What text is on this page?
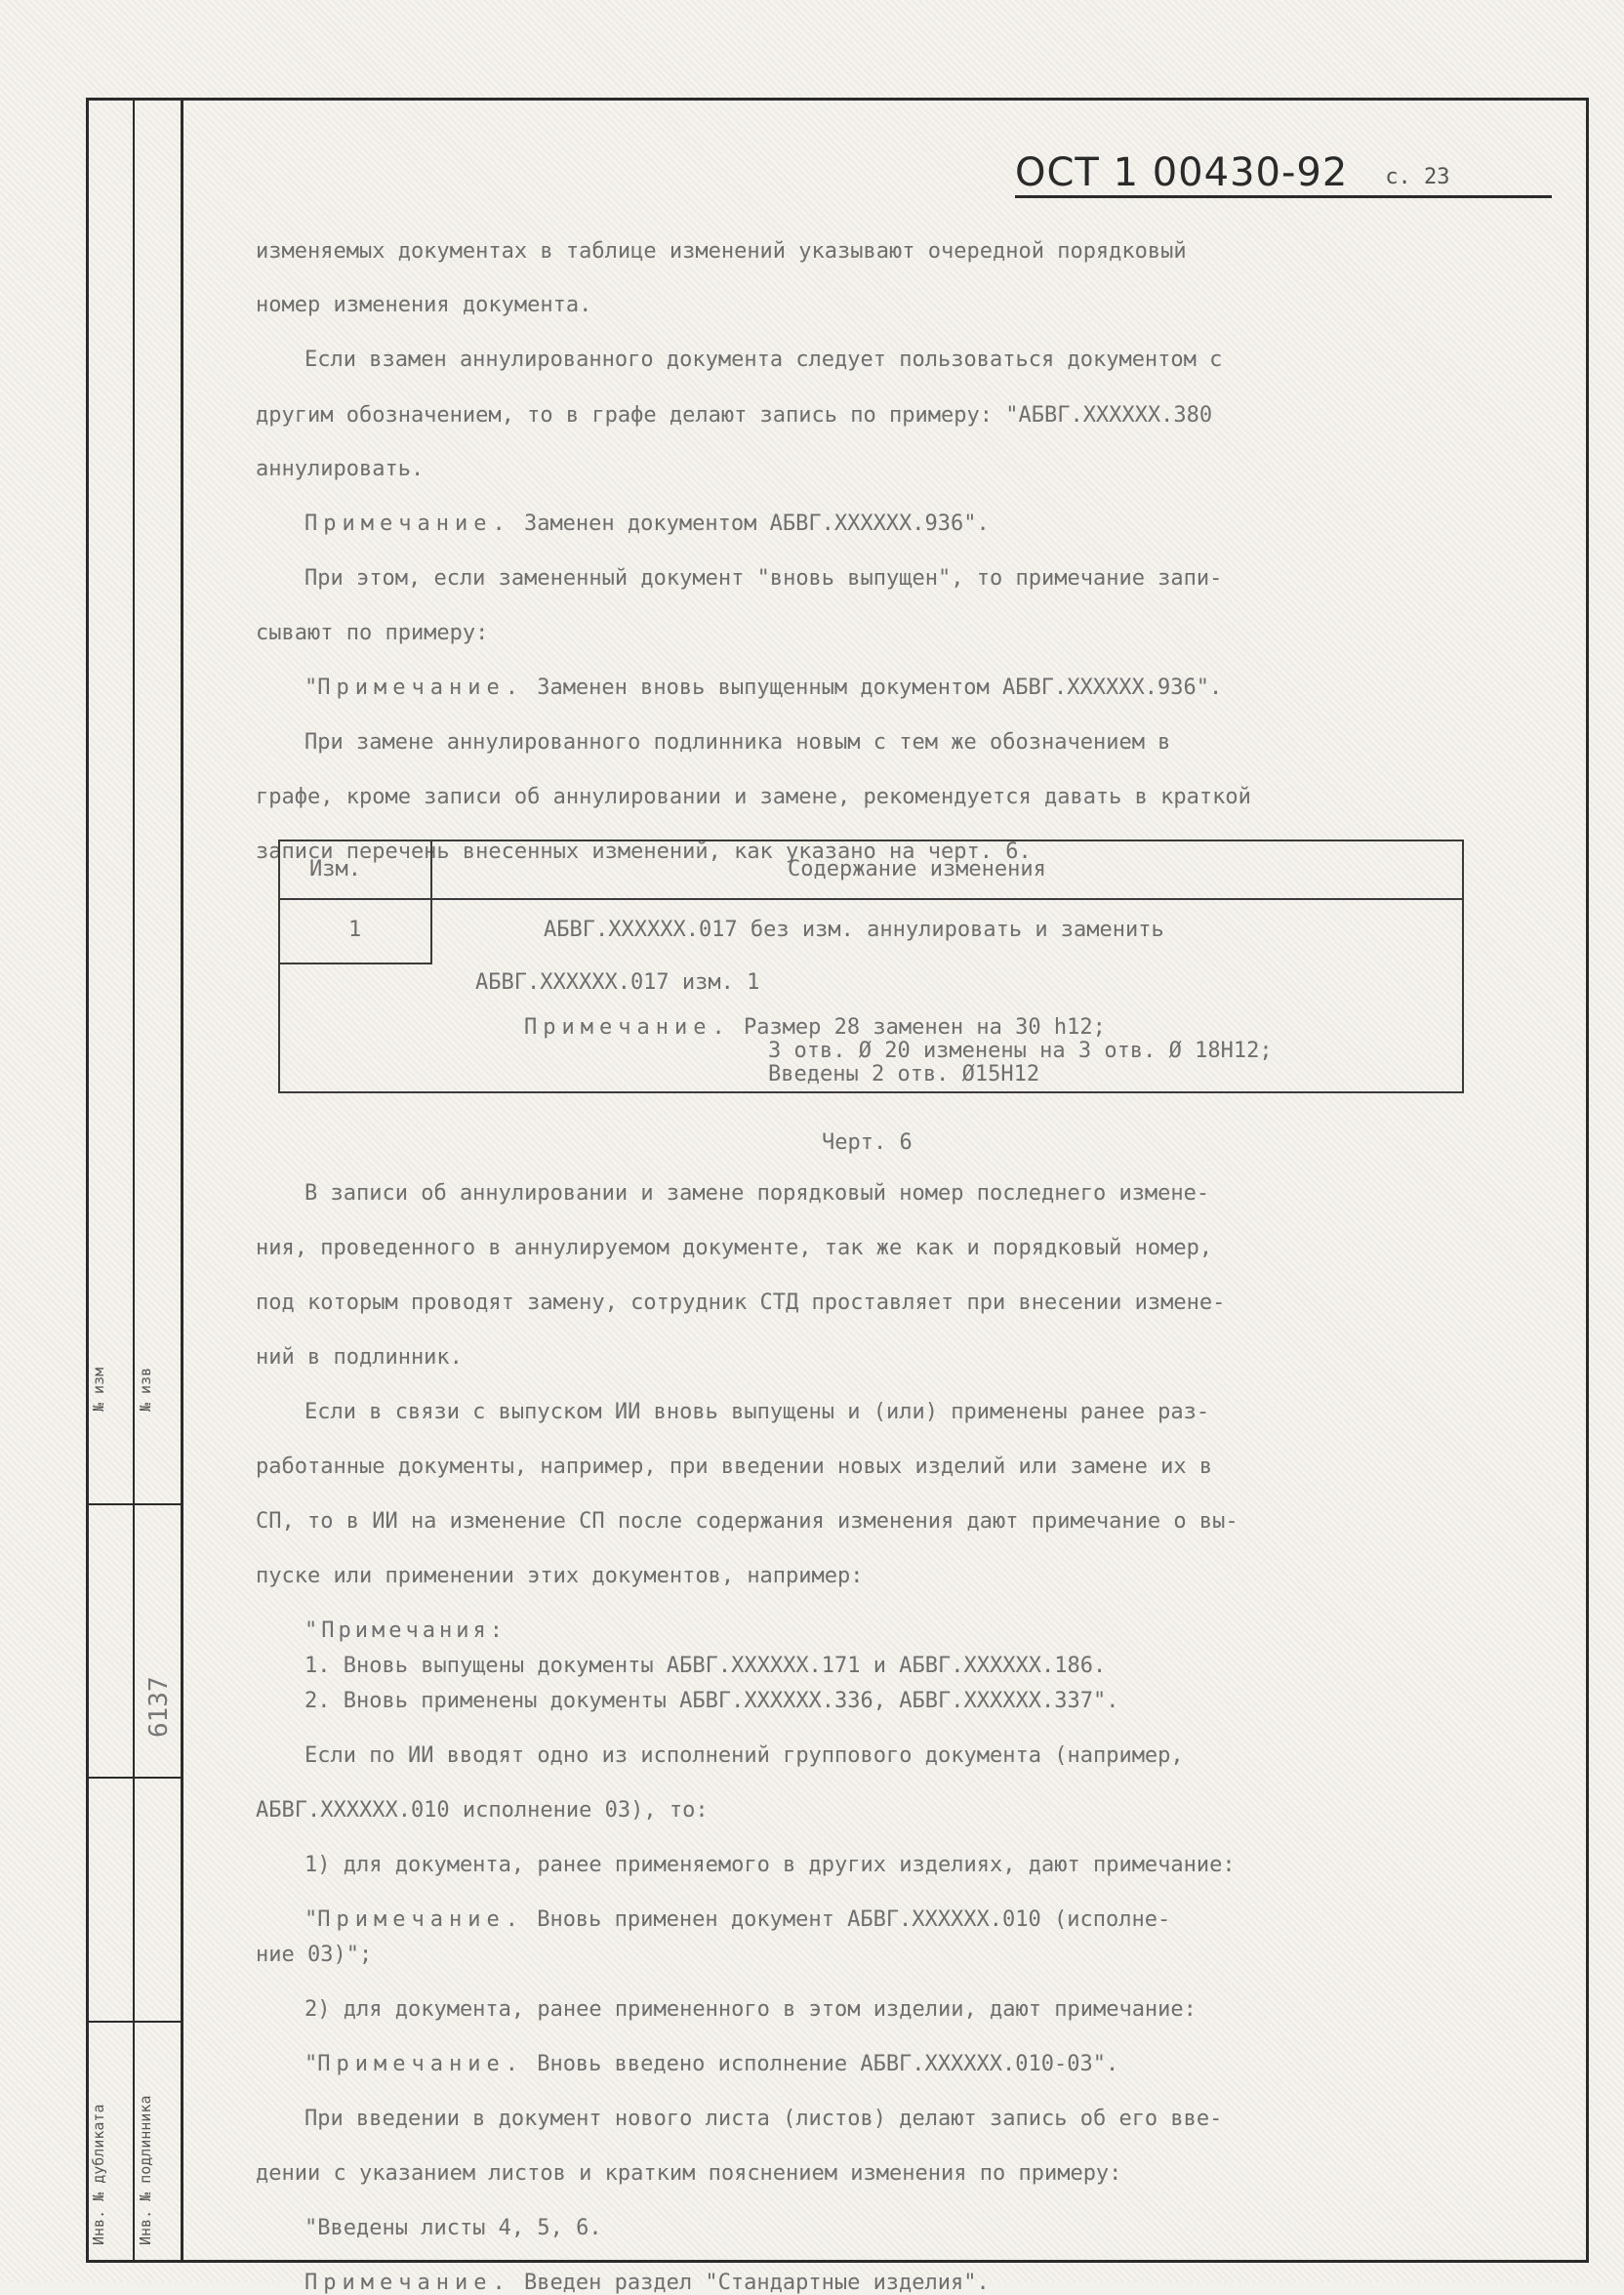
№ изм № изв
Инв. № дубликата Инв. № подлинника
6137
ОСТ 1 00430-92 с. 23
изменяемых документах в таблице изменений указывают очередной порядковый
номер изменения документа.
Если взамен аннулированного документа следует пользоваться документом с
другим обозначением, то в графе делают запись по примеру: "АБВГ.XXXXXX.380
аннулировать.
Примечание. Заменен документом АБВГ.XXXXXX.936".
При этом, если замененный документ "вновь выпущен", то примечание запи-
сывают по примеру:
"Примечание. Заменен вновь выпущенным документом АБВГ.XXXXXX.936".
При замене аннулированного подлинника новым с тем же обозначением в
графе, кроме записи об аннулировании и замене, рекомендуется давать в краткой
записи перечень внесенных изменений, как указано на черт. 6.
Черт. 6
В записи об аннулировании и замене порядковый номер последнего измене-
ния, проведенного в аннулируемом документе, так же как и порядковый номер,
под которым проводят замену, сотрудник СТД проставляет при внесении измене-
ний в подлинник.
Если в связи с выпуском ИИ вновь выпущены и (или) применены ранее раз-
работанные документы, например, при введении новых изделий или замене их в
СП, то в ИИ на изменение СП после содержания изменения дают примечание о вы-
пуске или применении этих документов, например:
"Примечания:
1. Вновь выпущены документы АБВГ.XXXXXX.171 и АБВГ.XXXXXX.186.
2. Вновь применены документы АБВГ.XXXXXX.336, АБВГ.XXXXXX.337".
Если по ИИ вводят одно из исполнений группового документа (например,
АБВГ.XXXXXX.010 исполнение 03), то:
1) для документа, ранее применяемого в других изделиях, дают примечание:
"Примечание. Вновь применен документ АБВГ.XXXXXX.010 (исполне-
ние 03)";
2) для документа, ранее примененного в этом изделии, дают примечание:
"Примечание. Вновь введено исполнение АБВГ.XXXXXX.010-03".
При введении в документ нового листа (листов) делают запись об его вве-
дении с указанием листов и кратким пояснением изменения по примеру:
"Введены листы 4, 5, 6.
Примечание. Введен раздел "Стандартные изделия".
Изм.	Содержание изменения
1	АБВГ.XXXXXX.017 без изм. аннулировать и заменить
АБВГ.XXXXXX.017 изм. 1
Примечание. Размер 28 заменен на 30 h12;
3 отв. Ø 20 изменены на 3 отв. Ø 18Н12;
Введены 2 отв. Ø15Н12
